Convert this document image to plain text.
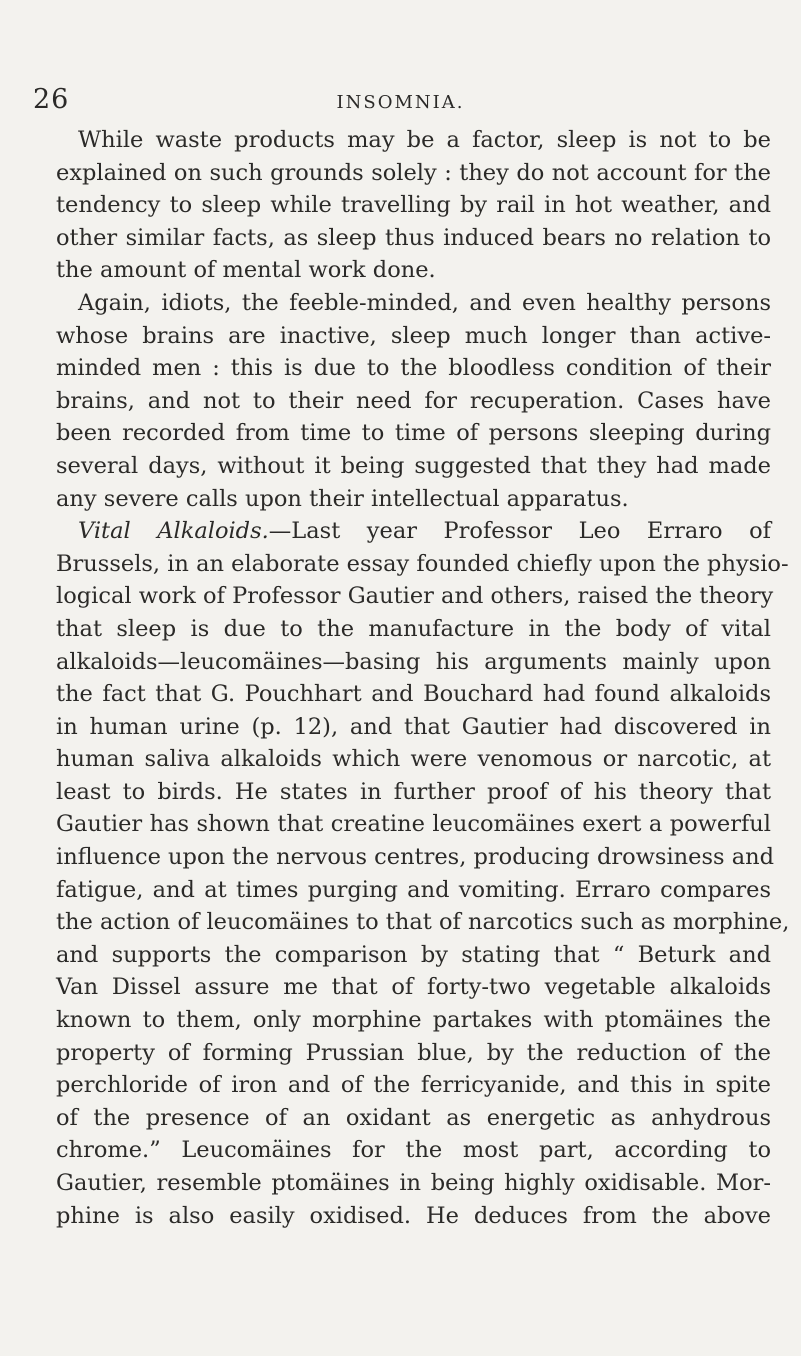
26	INSOMNIA.
While waste products may be a factor, sleep is not to be
explained on such grounds solely : they do not account for the
tendency to sleep while travelling by rail in hot weather, and
other similar facts, as sleep thus induced bears no relation to
the amount of mental work done.
Again, idiots, the feeble-minded, and even healthy persons
whose brains are inactive, sleep much longer than active-
minded men : this is due to the bloodless condition of their
brains, and not to their need for recuperation. Cases have
been recorded from time to time of persons sleeping during
several days, without it being suggested that they had made
any severe calls upon their intellectual apparatus.
Vital Alkaloids.—Last year Professor Leo Erraro of
Brussels, in an elaborate essay founded chiefly upon the physio-
logical work of Professor Gautier and others, raised the theory
that sleep is due to the manufacture in the body of vital
alkaloids—leucomäines—basing his arguments mainly upon
the fact that G. Pouchhart and Bouchard had found alkaloids
in human urine (p. 12), and that Gautier had discovered in
human saliva alkaloids which were venomous or narcotic, at
least to birds. He states in further proof of his theory that
Gautier has shown that creatine leucomäines exert a powerful
influence upon the nervous centres, producing drowsiness and
fatigue, and at times purging and vomiting. Erraro compares
the action of leucomäines to that of narcotics such as morphine,
and supports the comparison by stating that “ Beturk and
Van Dissel assure me that of forty-two vegetable alkaloids
known to them, only morphine partakes with ptomäines the
property of forming Prussian blue, by the reduction of the
perchloride of iron and of the ferricyanide, and this in spite
of the presence of an oxidant as energetic as anhydrous
chrome.” Leucomäines for the most part, according to
Gautier, resemble ptomäines in being highly oxidisable. Mor-
phine is also easily oxidised. He deduces from the above
